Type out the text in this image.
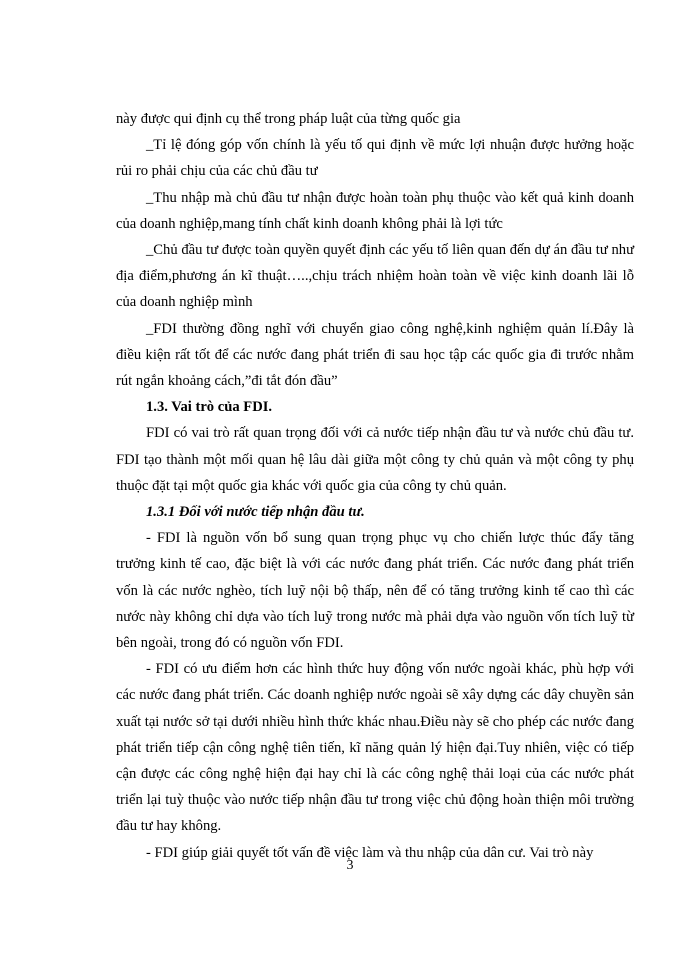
này được qui định cụ thể trong pháp luật của từng quốc gia

_Tỉ lệ đóng góp vốn chính là yếu tố qui định về mức lợi nhuận được hưởng hoặc rủi ro phải chịu của các chủ đầu tư

_Thu nhập mà chủ đầu tư nhận được hoàn toàn phụ thuộc vào kết quả kinh doanh của doanh nghiệp,mang tính chất kinh doanh không phải là lợi tức

_Chủ đầu tư được toàn quyền quyết định các yếu tố liên quan đến dự án đầu tư như địa điểm,phương án kĩ thuật…..,chịu trách nhiệm hoàn toàn về việc kinh doanh lãi lỗ của doanh nghiệp mình

_FDI thường đồng nghĩ với chuyển giao công nghệ,kinh nghiệm quản lí.Đây là điều kiện rất tốt để các nước đang phát triển đi sau học tập các quốc gia đi trước nhằm rút ngắn khoảng cách,”đi tắt đón đầu”

1.3. Vai trò của FDI.

FDI có vai trò rất quan trọng đối với cả nước tiếp nhận đầu tư và nước chủ đầu tư. FDI tạo thành một mối quan hệ lâu dài giữa một công ty chủ quản và một công ty phụ thuộc đặt tại một quốc gia khác với quốc gia của công ty chủ quản.

1.3.1 Đối với nước tiếp nhận đầu tư.

- FDI là nguồn vốn bổ sung quan trọng phục vụ cho chiến lược thúc đẩy tăng trưởng kinh tế cao, đặc biệt là với các nước đang phát triển. Các nước đang phát triển vốn là các nước nghèo, tích luỹ nội bộ thấp, nên để có tăng trưởng kinh tế cao thì các nước này không chỉ dựa vào tích luỹ trong nước mà phải dựa vào nguồn vốn tích luỹ từ bên ngoài, trong đó có nguồn vốn FDI.

- FDI có ưu điểm hơn các hình thức huy động vốn nước ngoài khác, phù hợp với các nước đang phát triển. Các doanh nghiệp nước ngoài sẽ xây dựng các dây chuyền sản xuất tại nước sở tại dưới nhiều hình thức khác nhau.Điều này sẽ cho phép các nước đang phát triển tiếp cận công nghệ tiên tiến, kĩ năng quản lý hiện đại.Tuy nhiên, việc có tiếp cận được các công nghệ hiện đại hay chỉ là các công nghệ thải loại của các nước phát triển lại tuỳ thuộc vào nước tiếp nhận đầu tư trong việc chủ động hoàn thiện môi trường đầu tư hay không.

- FDI giúp giải quyết tốt vấn đề việc làm và thu nhập của dân cư. Vai trò này

3
